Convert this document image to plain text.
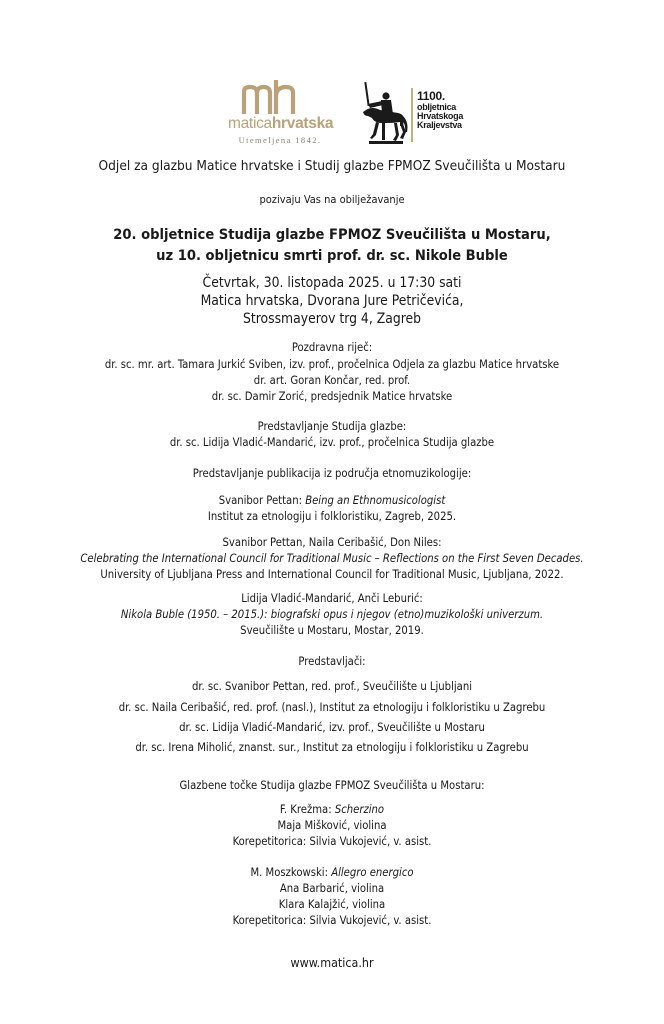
maticahrvatska
Utemeljena 1842.
1100.
obljetnica
Hrvatskoga
Kraljevstva
Odjel za glazbu Matice hrvatske i Studij glazbe FPMOZ Sveučilišta u Mostaru
pozivaju Vas na obilježavanje
20. obljetnice Studija glazbe FPMOZ Sveučilišta u Mostaru,
uz 10. obljetnicu smrti prof. dr. sc. Nikole Buble
Četvrtak, 30. listopada 2025. u 17:30 sati
Matica hrvatska, Dvorana Jure Petričevića,
Strossmayerov trg 4, Zagreb
Pozdravna riječ:
dr. sc. mr. art. Tamara Jurkić Sviben, izv. prof., pročelnica Odjela za glazbu Matice hrvatske
dr. art. Goran Končar, red. prof.
dr. sc. Damir Zorić, predsjednik Matice hrvatske
Predstavljanje Studija glazbe:
dr. sc. Lidija Vladić-Mandarić, izv. prof., pročelnica Studija glazbe
Predstavljanje publikacija iz područja etnomuzikologije:
Svanibor Pettan: Being an Ethnomusicologist
Institut za etnologiju i folkloristiku, Zagreb, 2025.
Svanibor Pettan, Naila Ceribašić, Don Niles:
Celebrating the International Council for Traditional Music – Reflections on the First Seven Decades.
University of Ljubljana Press and International Council for Traditional Music, Ljubljana, 2022.
Lidija Vladić-Mandarić, Anči Leburić:
Nikola Buble (1950. – 2015.): biografski opus i njegov (etno)muzikološki univerzum.
Sveučilište u Mostaru, Mostar, 2019.
Predstavljači:
dr. sc. Svanibor Pettan, red. prof., Sveučilište u Ljubljani
dr. sc. Naila Ceribašić, red. prof. (nasl.), Institut za etnologiju i folkloristiku u Zagrebu
dr. sc. Lidija Vladić-Mandarić, izv. prof., Sveučilište u Mostaru
dr. sc. Irena Miholić, znanst. sur., Institut za etnologiju i folkloristiku u Zagrebu
Glazbene točke Studija glazbe FPMOZ Sveučilišta u Mostaru:
F. Krežma: Scherzino
Maja Mišković, violina
Korepetitorica: Silvia Vukojević, v. asist.
M. Moszkowski: Allegro energico
Ana Barbarić, violina
Klara Kalajžić, violina
Korepetitorica: Silvia Vukojević, v. asist.
www.matica.hr
